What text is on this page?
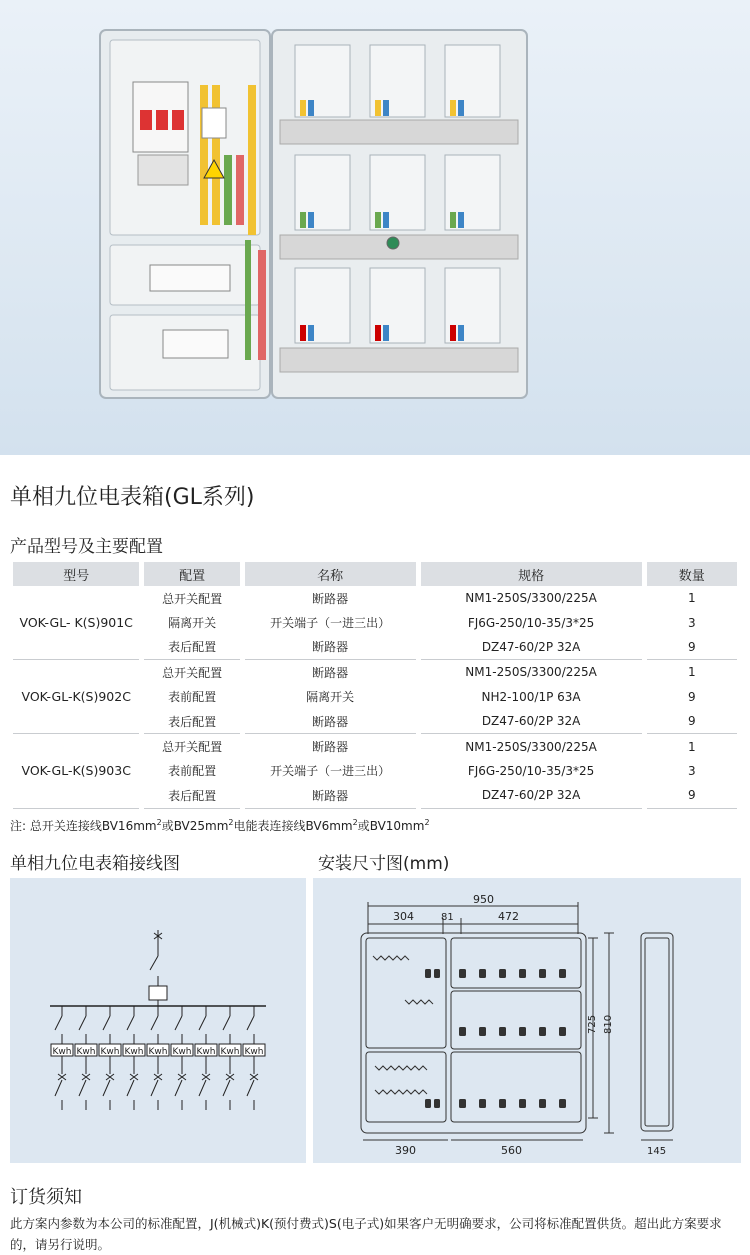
单相九位电表箱(GL系列)
产品型号及主要配置
型号	配置	名称	规格	数量
VOK-GL- K(S)901C	总开关配置	断路器	NM1-250S/3300/225A	1
	隔离开关	开关端子（一进三出）	FJ6G-250/10-35/3*25	3
	表后配置	断路器	DZ47-60/2P 32A	9
VOK-GL-K(S)902C	总开关配置	断路器	NM1-250S/3300/225A	1
	表前配置	隔离开关	NH2-100/1P 63A	9
	表后配置	断路器	DZ47-60/2P 32A	9
VOK-GL-K(S)903C	总开关配置	断路器	NM1-250S/3300/225A	1
	表前配置	开关端子（一进三出）	FJ6G-250/10-35/3*25	3
	表后配置	断路器	DZ47-60/2P 32A	9
注: 总开关连接线$BV16mm^2$或$BV25mm^2$电能表连接线$BV6mm^2$或$BV10mm^2$
单相九位电表箱接线图	安装尺寸图(mm)
Kwh Kwh Kwh Kwh Kwh Kwh Kwh Kwh Kwh
950
304	81	472
725 810
390	560	145
订货须知
此方案内参数为本公司的标准配置，J(机械式)K(预付费式)S(电子式)如果客户无明确要求，公司将标准配置供货。超出此方案要求的，请另行说明。
